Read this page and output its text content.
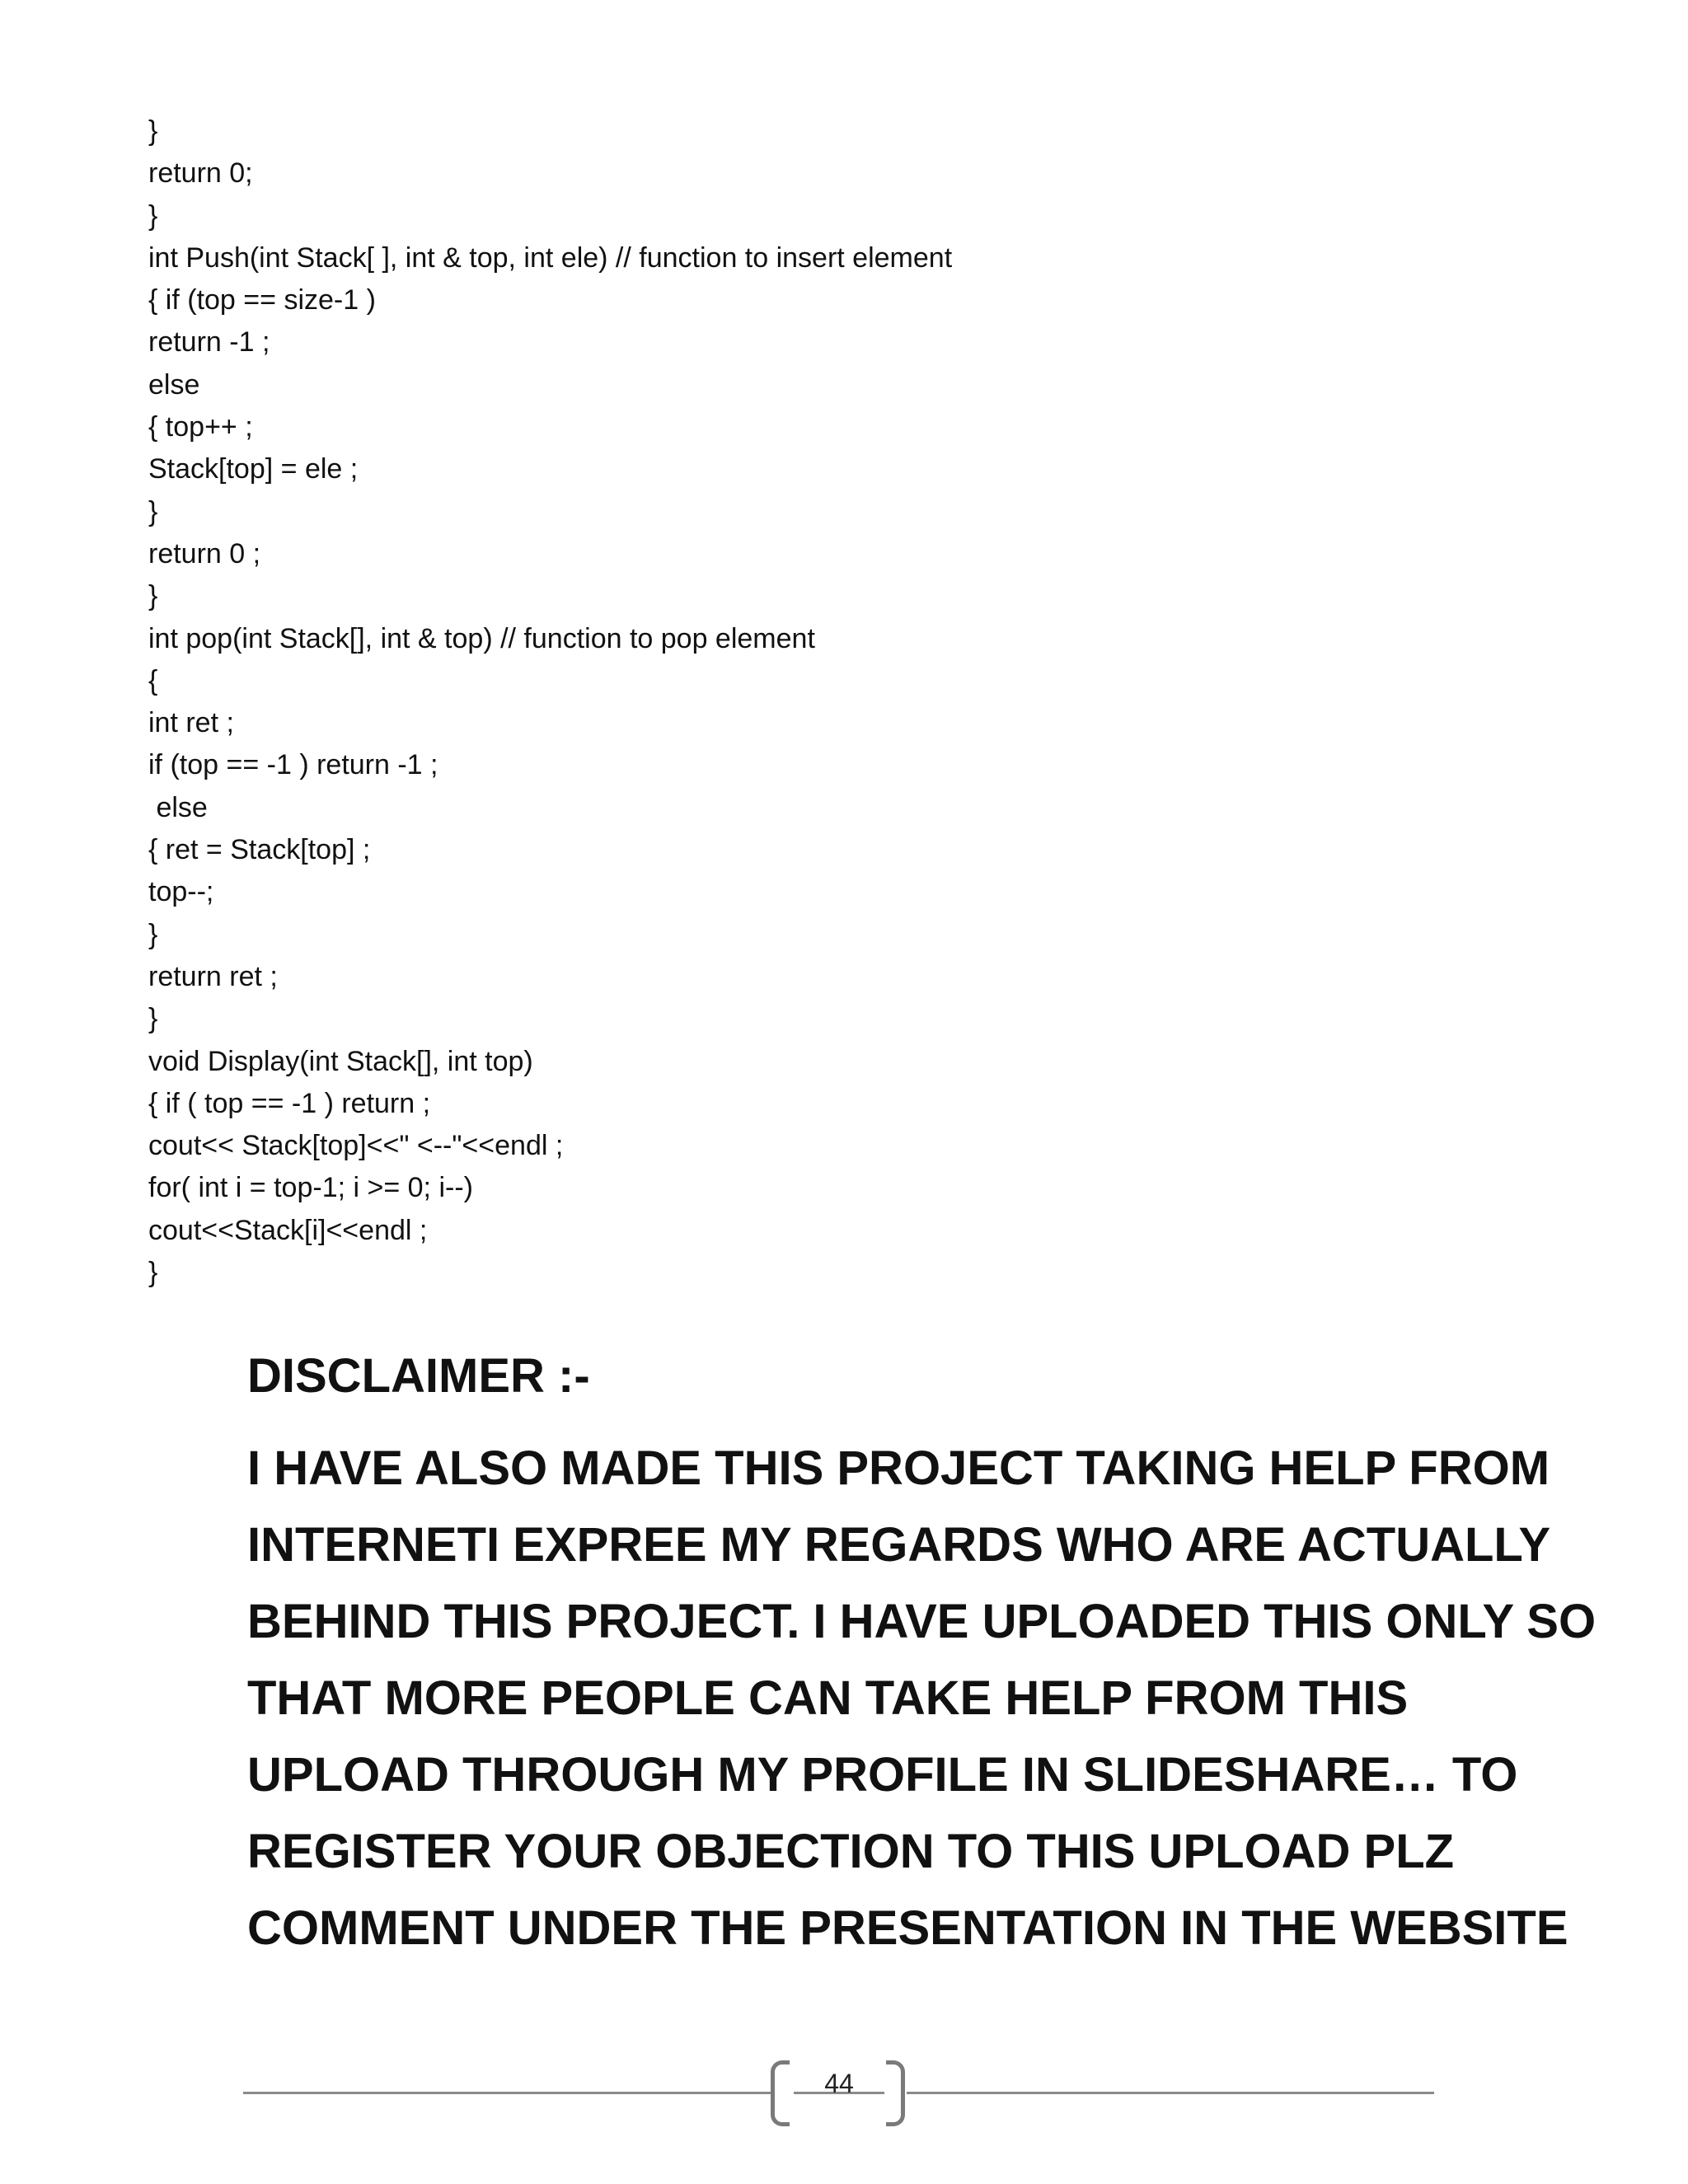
}
return 0;
}
int Push(int Stack[ ], int & top, int ele) // function to insert element
{ if (top == size-1 )
return -1 ;
else
{ top++ ;
Stack[top] = ele ;
}
return 0 ;
}
int pop(int Stack[], int & top) // function to pop element
{
int ret ;
if (top == -1 ) return -1 ;
else
{ ret = Stack[top] ;
top--;
}
return ret ;
}
void Display(int Stack[], int top)
{ if ( top == -1 ) return ;
cout<< Stack[top]<<" <--"<<endl ;
for( int i = top-1; i >= 0; i--)
cout<<Stack[i]<<endl ;
}
DISCLAIMER :-
I HAVE ALSO MADE THIS PROJECT TAKING HELP FROM
INTERNETI EXPREE MY REGARDS WHO ARE ACTUALLY
BEHIND THIS PROJECT. I HAVE UPLOADED THIS ONLY SO
THAT MORE PEOPLE CAN TAKE HELP FROM THIS
UPLOAD THROUGH MY PROFILE IN SLIDESHARE… TO
REGISTER YOUR OBJECTION TO THIS UPLOAD PLZ
COMMENT UNDER THE PRESENTATION IN THE WEBSITE
44
